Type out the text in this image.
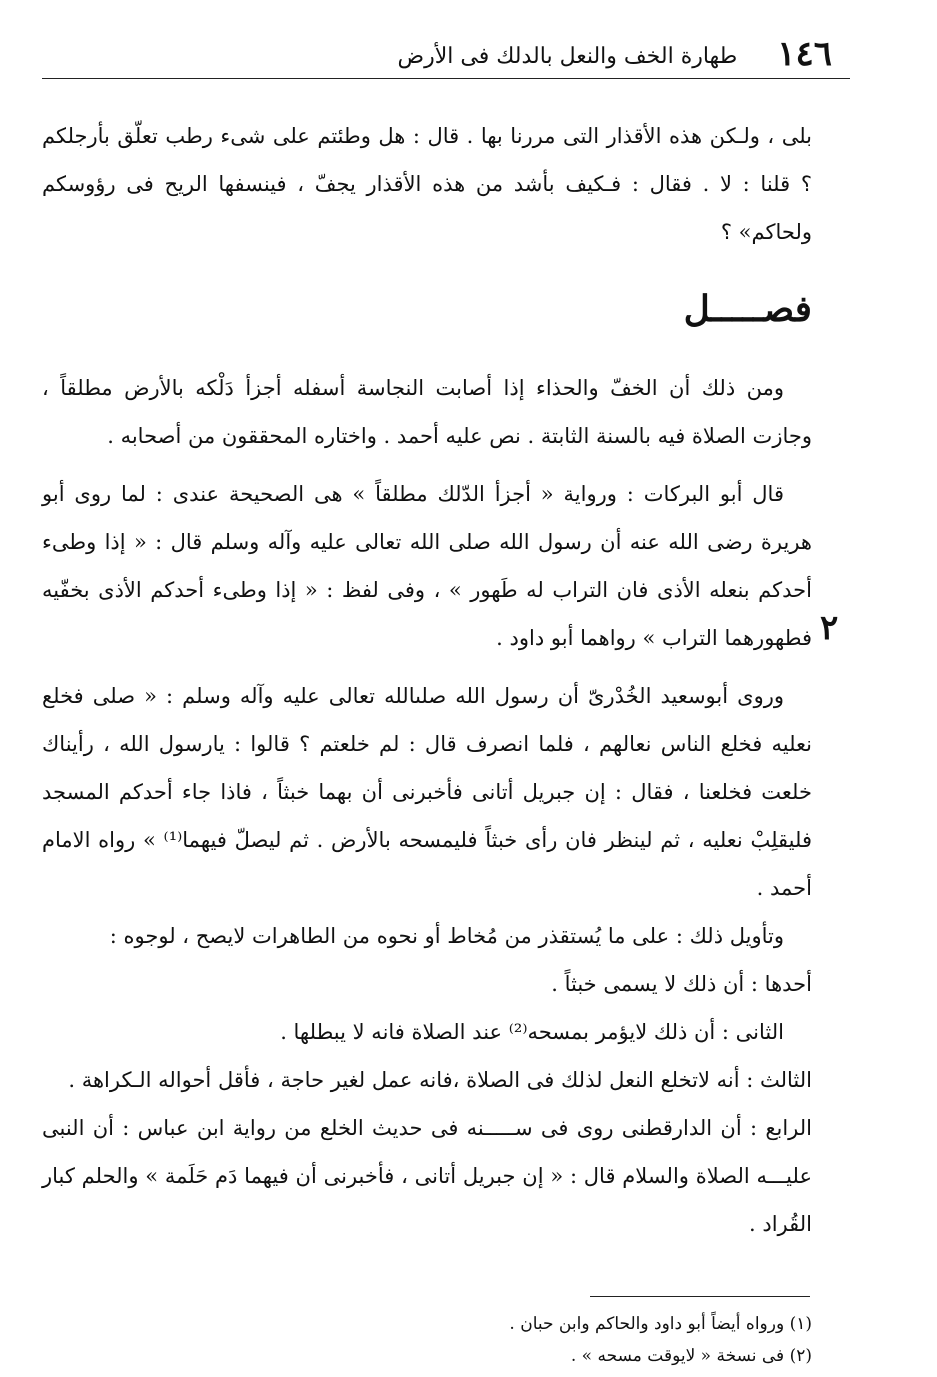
١٤٦
طهارة الخف والنعل بالدلك فى الأرض

بلى ، ولـكن هذه الأقذار التى مررنا بها . قال : هل وطئتم على شىء رطب تعلّق بأرجلكم ؟ قلنا : لا . فقال : فـكيف بأشد من هذه الأقذار يجفّ ، فينسفها الريح فى رؤوسكم ولحاكم» ؟

فصـــــل

ومن ذلك أن الخفّ والحذاء إذا أصابت النجاسة أسفله أجزأ دَلْكه بالأرض مطلقاً ، وجازت الصلاة فيه بالسنة الثابتة . نص عليه أحمد . واختاره المحققون من أصحابه .

قال أبو البركات : ورواية « أجزأ الدّلك مطلقاً » هى الصحيحة عندى : لما روى أبو هريرة رضى الله عنه أن رسول الله صلى الله تعالى عليه وآله وسلم قال : « إذا وطىء أحدكم بنعله الأذى فان التراب له طَهور » ، وفى لفظ : « إذا وطىء أحدكم الأذى بخفّيه فطهورهما التراب » رواهما أبو داود .

وروى أبوسعيد الخُدْرىّ أن رسول الله صلىالله تعالى عليه وآله وسلم : « صلى فخلع نعليه فخلع الناس نعالهم ، فلما انصرف قال : لم خلعتم ؟ قالوا : يارسول الله ، رأيناك خلعت فخلعنا ، فقال : إن جبريل أتانى فأخبرنى أن بهما خبثاً ، فاذا جاء أحدكم المسجد فليقلِبْ نعليه ، ثم لينظر فان رأى خبثاً فليمسحه بالأرض . ثم ليصلّ فيهما⁽¹⁾ » رواه الامام أحمد .

وتأويل ذلك : على ما يُستقذر من مُخاط أو نحوه من الطاهرات لايصح ، لوجوه :

أحدها : أن ذلك لا يسمى خبثاً .

الثانى : أن ذلك لايؤمر بمسحه⁽²⁾ عند الصلاة فانه لا يبطلها .

الثالث : أنه لاتخلع النعل لذلك فى الصلاة ،فانه عمل لغير حاجة ، فأقل أحواله الـكراهة .

الرابع : أن الدارقطنى روى فى ســـــنه فى حديث الخلع من رواية ابن عباس : أن النبى عليـــه الصلاة والسلام قال : « إن جبريل أتانى ، فأخبرنى أن فيهما دَم حَلَمة » والحلم كبار القُراد .

٢

(١) ورواه أيضاً أبو داود والحاكم وابن حبان .

(٢) فى نسخة « لايوقت مسحه » .
